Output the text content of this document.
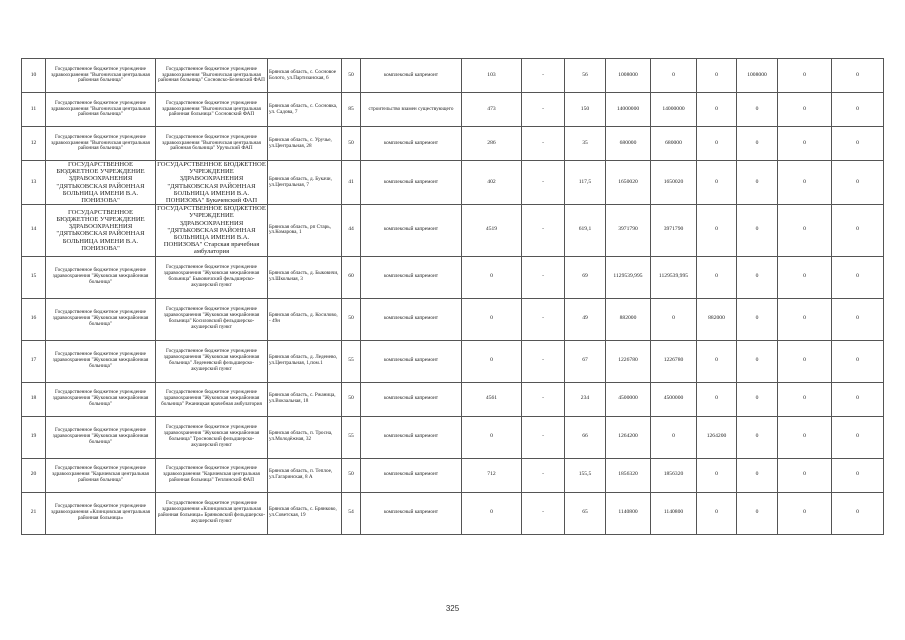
10	Государственное бюджетное учреждение здравоохранения "Выгоничская центральная районная больница"	Государственное бюджетное учреждение здравоохранения "Выгоничская центральная районная больница" Сосновско-Белевский ФАП	Брянская область, с. Сосновое Болото, ул.Партизанская, 6	50	комплексный капремонт	103	-	56	1008000	0	0	1008000	0	0
11	Государственное бюджетное учреждение здравоохранения "Выгоничская центральная районная больница"	Государственное бюджетное учреждение здравоохранения "Выгоничская центральная районная больница" Сосновский ФАП	Брянская область, с. Сосновка, ул. Садова, 7	85	строительство взамен существующего	473	-	150	14000000	14000000	0	0	0	0
12	Государственное бюджетное учреждение здравоохранения "Выгоничская центральная районная больница"	Государственное бюджетное учреждение здравоохранения "Выгоничская центральная районная больница" Уручьский ФАП	Брянская область, с. Уручье, ул.Центральная, 28	50	комплексный капремонт	286	-	35	680000	680000	0	0	0	0
13	ГОСУДАРСТВЕННОЕ БЮДЖЕТНОЕ УЧРЕЖДЕНИЕ ЗДРАВООХРАНЕНИЯ "ДЯТЬКОВСКАЯ РАЙОННАЯ БОЛЬНИЦА ИМЕНИ В.А. ПОНИЗОВА"	ГОСУДАРСТВЕННОЕ БЮДЖЕТНОЕ УЧРЕЖДЕНИЕ ЗДРАВООХРАНЕНИЯ "ДЯТЬКОВСКАЯ РАЙОННАЯ БОЛЬНИЦА ИМЕНИ В.А. ПОНИЗОВА" Букачевский ФАП	Брянская область, д. Букачи, ул.Центральная, 7	41	комплексный капремонт	402	-	117,5	1650020	1650020	0	0	0	0
14	ГОСУДАРСТВЕННОЕ БЮДЖЕТНОЕ УЧРЕЖДЕНИЕ ЗДРАВООХРАНЕНИЯ "ДЯТЬКОВСКАЯ РАЙОННАЯ БОЛЬНИЦА ИМЕНИ В.А. ПОНИЗОВА"	ГОСУДАРСТВЕННОЕ БЮДЖЕТНОЕ УЧРЕЖДЕНИЕ ЗДРАВООХРАНЕНИЯ "ДЯТЬКОВСКАЯ РАЙОННАЯ БОЛЬНИЦА ИМЕНИ В.А. ПОНИЗОВА" Старская врачебная амбулатория	Брянская область, рп Старь, ул.Комарова, 1	44	комплексный капремонт	4519	-	619,1	3971790	3971790	0	0	0	0
15	Государственное бюджетное учреждение здравоохранения "Жуковская межрайонная больница"	Государственное бюджетное учреждение здравоохранения "Жуковская межрайонная больница" Быковичский фельдшерско-акушерский пункт	Брянская область, д. Быковичи, ул.Школьная, 3	60	комплексный капремонт	0	-	69	1129539,995	1129539,995	0	0	0	0
16	Государственное бюджетное учреждение здравоохранения "Жуковская межрайонная больница"	Государственное бюджетное учреждение здравоохранения "Жуковская межрайонная больница" Косиловский фельдшерско-акушерский пункт	Брянская область, д. Косилово, - 49н	50	комплексный капремонт	0	-	49	882000	0	882000	0	0	0
17	Государственное бюджетное учреждение здравоохранения "Жуковская межрайонная больница"	Государственное бюджетное учреждение здравоохранения "Жуковская межрайонная больница" Леденевский фельдшерско-акушерский пункт	Брянская область, д. Леденево, ул.Центральная, 1,пом.1	55	комплексный капремонт	0	-	67	1226780	1226780	0	0	0	0
18	Государственное бюджетное учреждение здравоохранения "Жуковская межрайонная больница"	Государственное бюджетное учреждение здравоохранения "Жуковская межрайонная больница" Ржаницкая врачебная амбулатория	Брянская область, с. Ржаница, ул.Вокзальная, 18	50	комплексный капремонт	4561	-	234	4500000	4500000	0	0	0	0
19	Государственное бюджетное учреждение здравоохранения "Жуковская межрайонная больница"	Государственное бюджетное учреждение здравоохранения "Жуковская межрайонная больница" Тросновский фельдшерско-акушерский пункт	Брянская область, п. Тросна, ул.Молодёжная, 32	55	комплексный капремонт	0	-	66	1264200	0	1264200	0	0	0
20	Государственное бюджетное учреждение здравоохранения "Карачевская центральная районная больница"	Государственное бюджетное учреждение здравоохранения "Карачевская центральная районная больница" Теплинский ФАП	Брянская область, п. Теплое, ул.Гагаринская, 8 А	50	комплексный капремонт	712	-	155,5	1856320	1856320	0	0	0	0
21	Государственное бюджетное учреждение здравоохранения «Клинцовская центральная районная больница»	Государственное бюджетное учреждение здравоохранения «Клинцовская центральная районная больница» Брянковский фельдшерско-акушерский пункт	Брянская область, с. Брянково, ул.Советская, 19	54	комплексный капремонт	0	-	65	1140800	1140800	0	0	0	0
325
